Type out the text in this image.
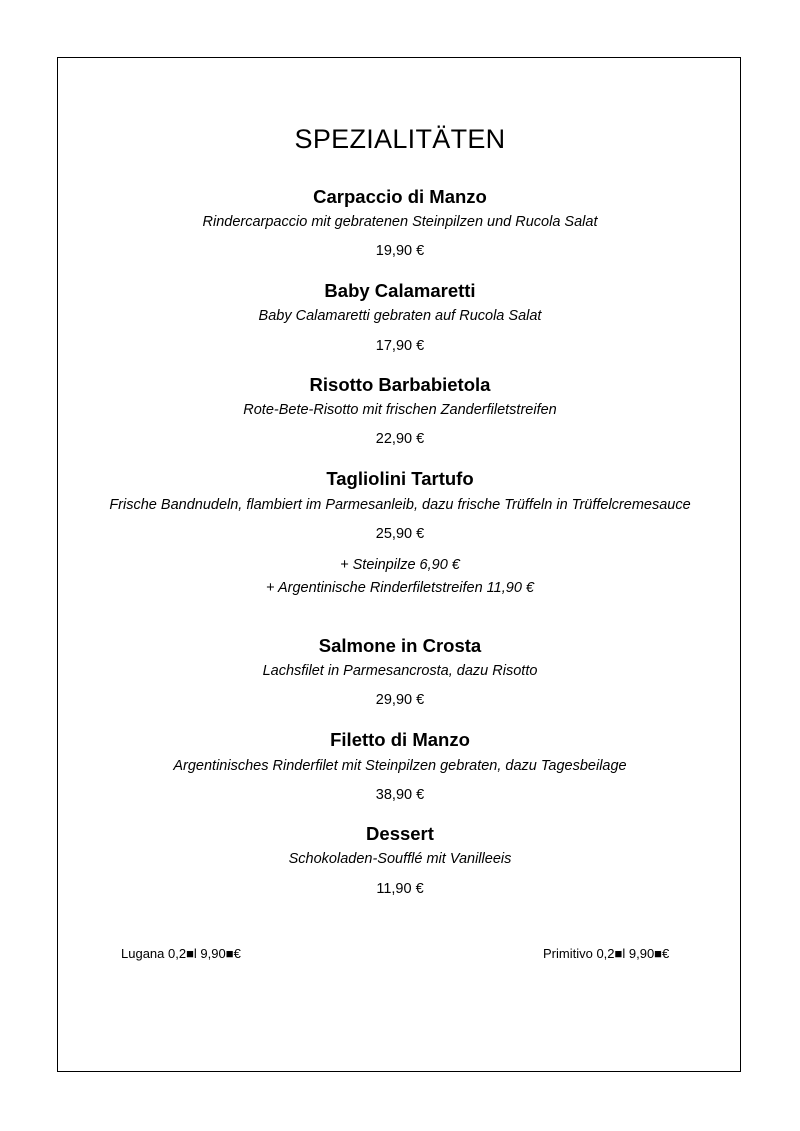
SPEZIALITÄTEN
Carpaccio di Manzo
Rindercarpaccio mit gebratenen Steinpilzen und Rucola Salat
19,90 €
Baby Calamaretti
Baby Calamaretti gebraten auf Rucola Salat
17,90 €
Risotto Barbabietola
Rote-Bete-Risotto mit frischen Zanderfiletstreifen
22,90 €
Tagliolini Tartufo
Frische Bandnudeln, flambiert im Parmesanleib, dazu frische Trüffeln in Trüffelcremesauce
25,90 €
+ Steinpilze 6,90 €
+ Argentinische Rinderfiletstreifen 11,90 €
Salmone in Crosta
Lachsfilet in Parmesancrosta, dazu Risotto
29,90 €
Filetto di Manzo
Argentinisches Rinderfilet mit Steinpilzen gebraten, dazu Tagesbeilage
38,90 €
Dessert
Schokoladen-Soufflé mit Vanilleeis
11,90 €
Lugana 0,2■l 9,90■€	Primitivo 0,2■l 9,90■€
